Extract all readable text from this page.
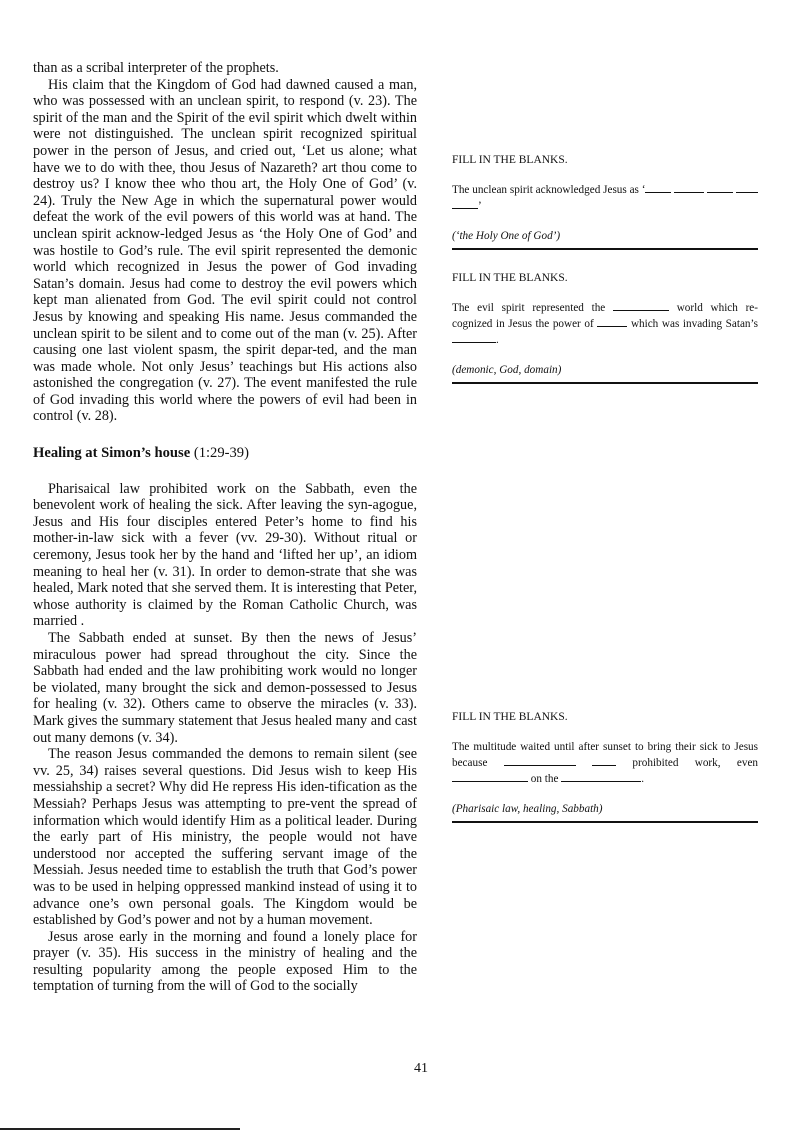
than as a scribal interpreter of the prophets.

His claim that the Kingdom of God had dawned caused a man, who was possessed with an unclean spirit, to respond (v. 23). The spirit of the man and the Spirit of the evil spirit which dwelt within were not distinguished. The unclean spirit recognized spiritual power in the person of Jesus, and cried out, ‘Let us alone; what have we to do with thee, thou Jesus of Nazareth? art thou come to destroy us? I know thee who thou art, the Holy One of God’ (v. 24). Truly the New Age in which the supernatural power would defeat the work of the evil powers of this world was at hand. The unclean spirit acknow-ledged Jesus as ‘the Holy One of God’ and was hostile to God’s rule. The evil spirit represented the demonic world which recognized in Jesus the power of God invading Satan’s domain. Jesus had come to destroy the evil powers which kept man alienated from God. The evil spirit could not control Jesus by knowing and speaking His name. Jesus commanded the unclean spirit to be silent and to come out of the man (v. 25). After causing one last violent spasm, the spirit depar-ted, and the man was made whole. Not only Jesus’ teachings but His actions also astonished the congregation (v. 27). The event manifested the rule of God invading this world where the powers of evil had been in control (v. 28).

Healing at Simon’s house (1:29-39)

Pharisaical law prohibited work on the Sabbath, even the benevolent work of healing the sick. After leaving the syn-agogue, Jesus and His four disciples entered Peter’s home to find his mother-in-law sick with a fever (vv. 29-30). Without ritual or ceremony, Jesus took her by the hand and ‘lifted her up’, an idiom meaning to heal her (v. 31). In order to demon-strate that she was healed, Mark noted that she served them. It is interesting that Peter, whose authority is claimed by the Roman Catholic Church, was married .

The Sabbath ended at sunset. By then the news of Jesus’ miraculous power had spread throughout the city. Since the Sabbath had ended and the law prohibiting work would no longer be violated, many brought the sick and demon-possessed to Jesus for healing (v. 32). Others came to observe the miracles (v. 33). Mark gives the summary statement that Jesus healed many and cast out many demons (v. 34).

The reason Jesus commanded the demons to remain silent (see vv. 25, 34) raises several questions. Did Jesus wish to keep His messiahship a secret? Why did He repress His iden-tification as the Messiah? Perhaps Jesus was attempting to pre-vent the spread of information which would identify Him as a political leader. During the early part of His ministry, the people would not have understood nor accepted the suffering servant image of the Messiah. Jesus needed time to establish the truth that God’s power was to be used in helping oppressed mankind instead of using it to advance one’s own personal goals. The Kingdom would be established by God’s power and not by a human movement.

Jesus arose early in the morning and found a lonely place for prayer (v. 35). His success in the ministry of healing and the resulting popularity among the people exposed Him to the temptation of turning from the will of God to the socially

FILL IN THE BLANKS.
The unclean spirit acknowledged Jesus as ‘    ’
(‘the Holy One of God’)
FILL IN THE BLANKS.
The evil spirit represented the	world which re-cognized in Jesus the power of	which was invading Satan’s .
(demonic, God, domain)
FILL IN THE BLANKS.
The multitude waited until after sunset to bring their sick to Jesus because	prohibited work, even  on the	.
(Pharisaic law, healing, Sabbath)
41
